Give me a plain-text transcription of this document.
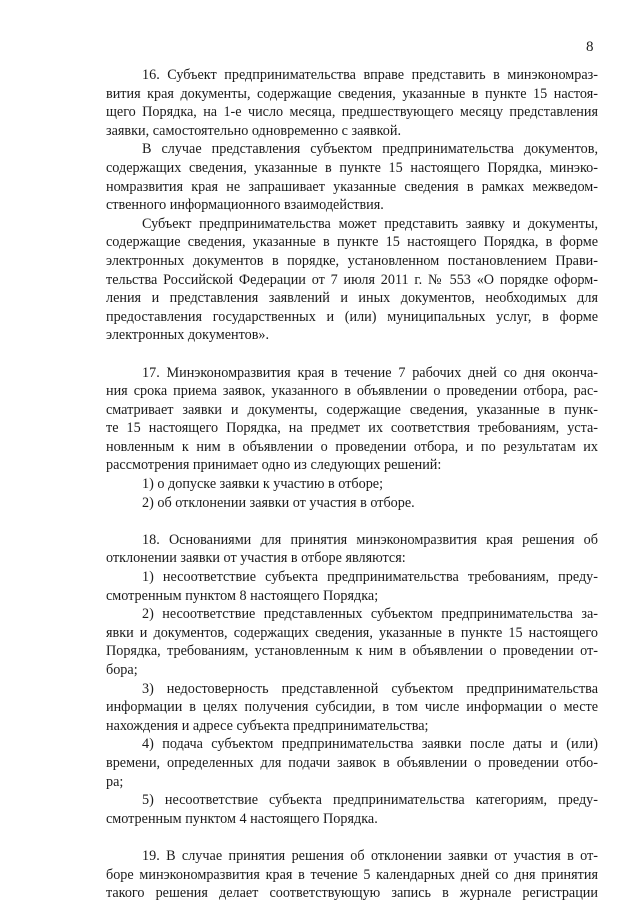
8
16. Субъект предпринимательства вправе представить в минэкономраз-
вития края документы, содержащие сведения, указанные в пункте 15 настоя-
щего Порядка, на 1-е число месяца, предшествующего месяцу представления
заявки, самостоятельно одновременно с заявкой.
В случае представления субъектом предпринимательства документов,
содержащих сведения, указанные в пункте 15 настоящего Порядка, минэко-
номразвития края не запрашивает указанные сведения в рамках межведом-
ственного информационного взаимодействия.
Субъект предпринимательства может представить заявку и документы,
содержащие сведения, указанные в пункте 15 настоящего Порядка, в форме
электронных документов в порядке, установленном постановлением Прави-
тельства Российской Федерации от 7 июля 2011 г. № 553 «О порядке оформ-
ления и представления заявлений и иных документов, необходимых для
предоставления государственных и (или) муниципальных услуг, в форме
электронных документов».
17. Минэкономразвития края в течение 7 рабочих дней со дня оконча-
ния срока приема заявок, указанного в объявлении о проведении отбора, рас-
сматривает заявки и документы, содержащие сведения, указанные в пунк-
те 15 настоящего Порядка, на предмет их соответствия требованиям, уста-
новленным к ним в объявлении о проведении отбора, и по результатам их
рассмотрения принимает одно из следующих решений:
1) о допуске заявки к участию в отборе;
2) об отклонении заявки от участия в отборе.
18. Основаниями для принятия минэкономразвития края решения об
отклонении заявки от участия в отборе являются:
1) несоответствие субъекта предпринимательства требованиям, преду-
смотренным пунктом 8 настоящего Порядка;
2) несоответствие представленных субъектом предпринимательства за-
явки и документов, содержащих сведения, указанные в пункте 15 настоящего
Порядка, требованиям, установленным к ним в объявлении о проведении от-
бора;
3) недостоверность представленной субъектом предпринимательства
информации в целях получения субсидии, в том числе информации о месте
нахождения и адресе субъекта предпринимательства;
4) подача субъектом предпринимательства заявки после даты и (или)
времени, определенных для подачи заявок в объявлении о проведении отбо-
ра;
5) несоответствие субъекта предпринимательства категориям, преду-
смотренным пунктом 4 настоящего Порядка.
19. В случае принятия решения об отклонении заявки от участия в от-
боре минэкономразвития края в течение 5 календарных дней со дня принятия
такого решения делает соответствующую запись в журнале регистрации
